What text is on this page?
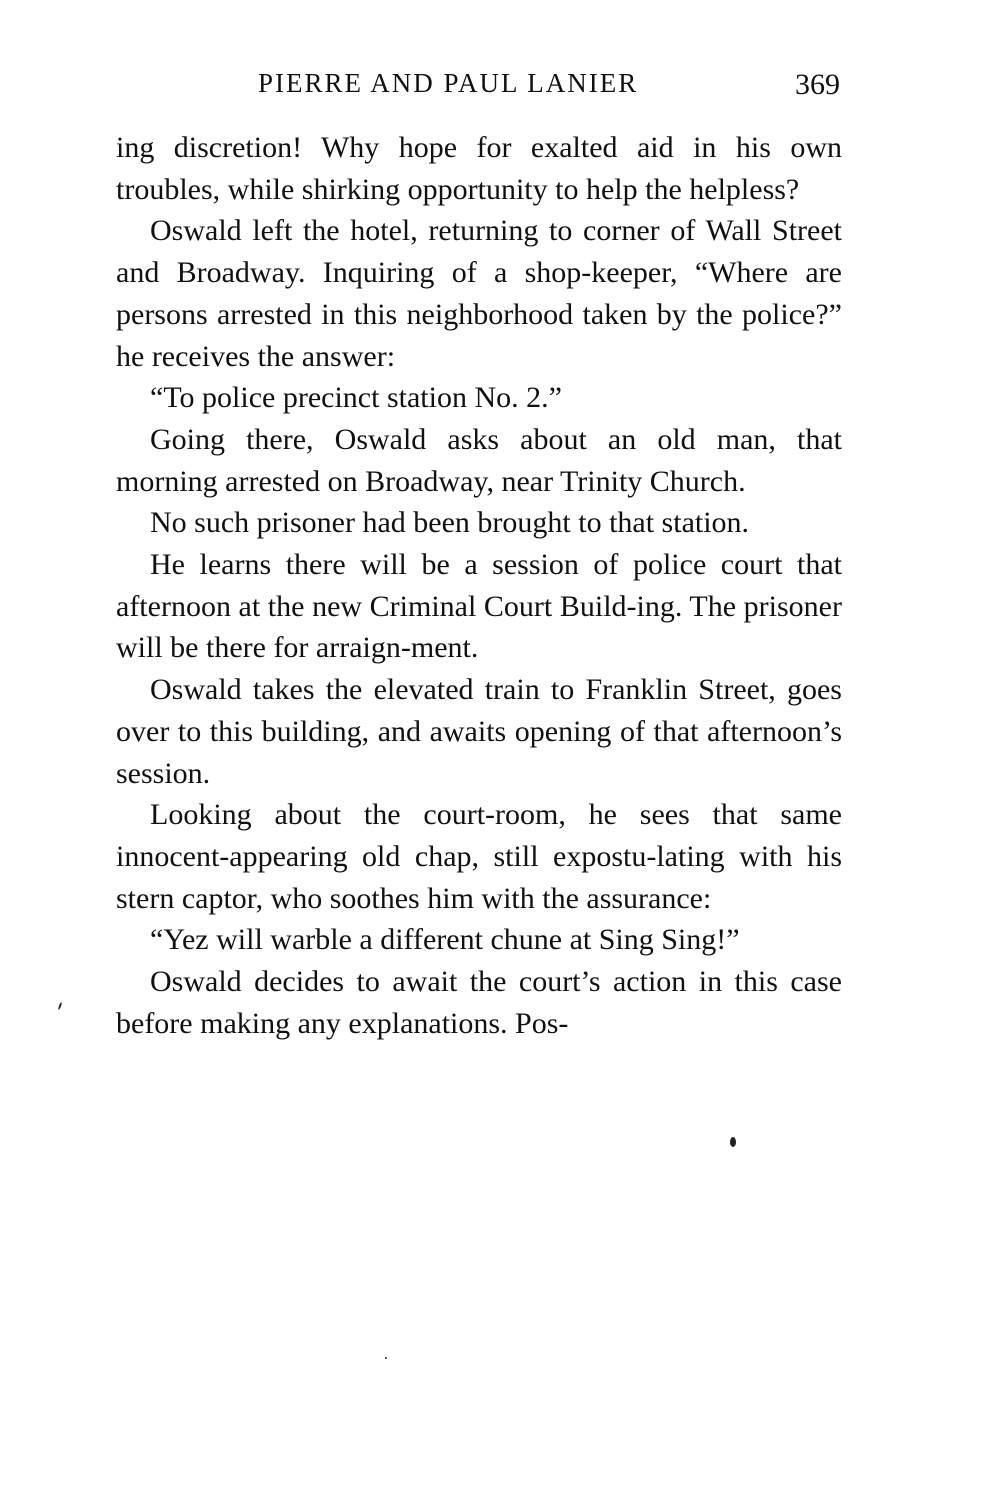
PIERRE AND PAUL LANIER	369

ing discretion! Why hope for exalted aid in his own troubles, while shirking opportunity to help the helpless?

Oswald left the hotel, returning to corner of Wall Street and Broadway. Inquiring of a shop-keeper, “Where are persons arrested in this neighborhood taken by the police?” he receives the answer:

“To police precinct station No. 2.”

Going there, Oswald asks about an old man, that morning arrested on Broadway, near Trinity Church.

No such prisoner had been brought to that station.

He learns there will be a session of police court that afternoon at the new Criminal Court Build-ing. The prisoner will be there for arraign-ment.

Oswald takes the elevated train to Franklin Street, goes over to this building, and awaits opening of that afternoon’s session.

Looking about the court-room, he sees that same innocent-appearing old chap, still expostu-lating with his stern captor, who soothes him with the assurance:

“Yez will warble a different chune at Sing Sing!”

Oswald decides to await the court’s action in this case before making any explanations. Pos-
